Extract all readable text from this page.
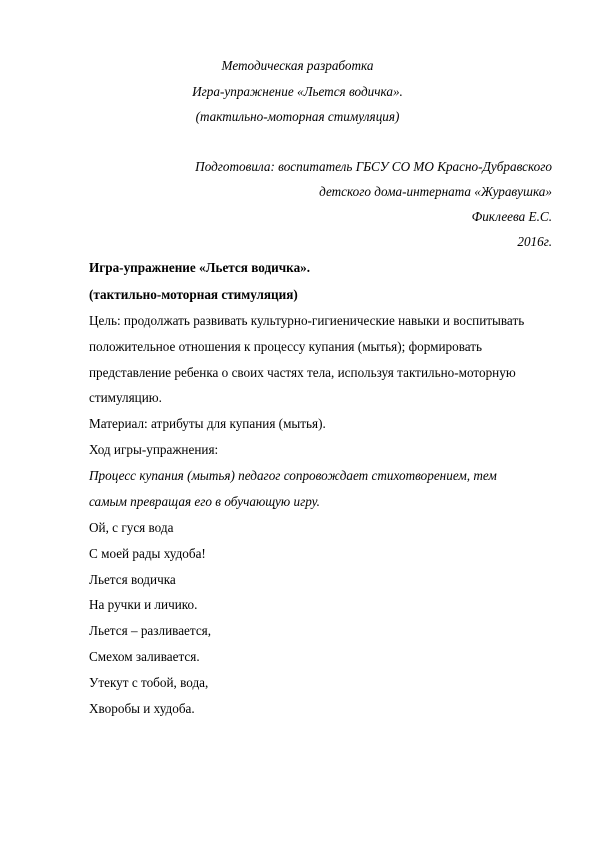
Методическая разработка
Игра-упражнение «Льется водичка».
(тактильно-моторная стимуляция)
Подготовила: воспитатель ГБСУ СО МО Красно-Дубравского
детского дома-интерната «Журавушка»
Фиклеева Е.С.
2016г.
Игра-упражнение «Льется водичка».
(тактильно-моторная стимуляция)
Цель: продолжать развивать культурно-гигиенические навыки и воспитывать
положительное отношения к процессу купания (мытья); формировать
представление ребенка о своих частях тела, используя тактильно-моторную
стимуляцию.
Материал: атрибуты для купания (мытья).
Ход игры-упражнения:
Процесс купания (мытья) педагог сопровождает стихотворением, тем
самым превращая его в обучающую игру.
Ой, с гуся вода
С моей рады худоба!
Льется водичка
На ручки и личико.
Льется – разливается,
Смехом заливается.
Утекут с тобой, вода,
Хворобы и худоба.
